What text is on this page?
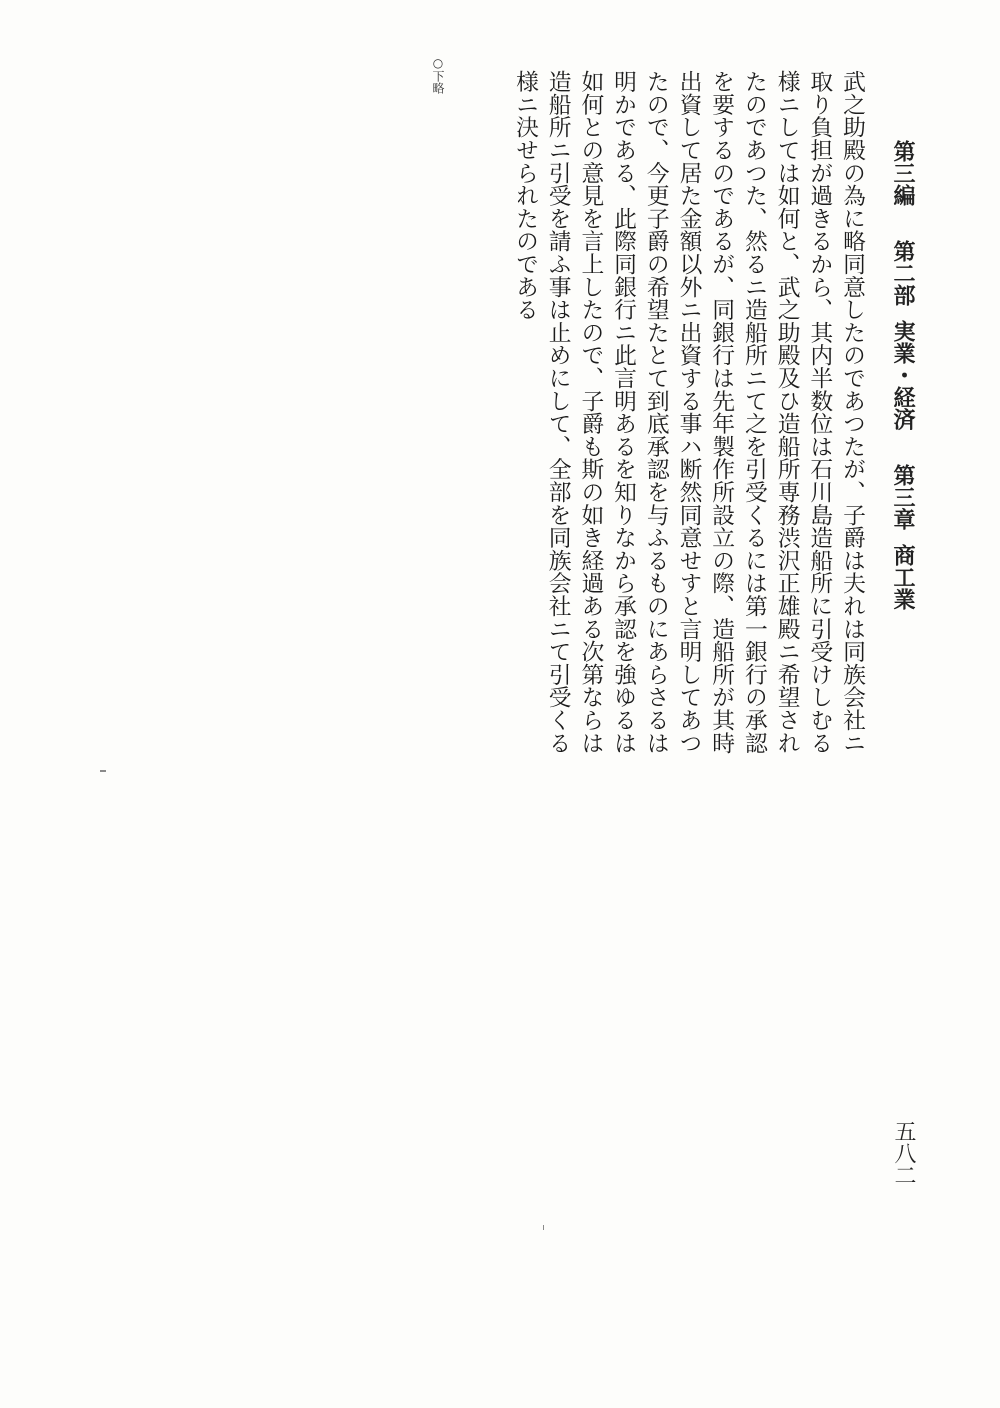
第三編第二部実業・経済第三章商工業
武之助殿の為に略同意したのであつたが、子爵は夫れは同族会社ニ
取り負担が過きるから、其内半数位は石川島造船所に引受けしむる
様ニしては如何と、武之助殿及ひ造船所専務渋沢正雄殿ニ希望され
たのであつた、然るニ造船所ニて之を引受くるには第一銀行の承認
を要するのであるが、同銀行は先年製作所設立の際、造船所が其時
出資して居た金額以外ニ出資する事ハ断然同意せすと言明してあつ
たので、今更子爵の希望たとて到底承認を与ふるものにあらさるは
明かである、此際同銀行ニ此言明あるを知りなから承認を強ゆるは
如何との意見を言上したので、子爵も斯の如き経過ある次第ならは
造船所ニ引受を請ふ事は止めにして、全部を同族会社ニて引受くる
様ニ決せられたのである
○下略
五八二
